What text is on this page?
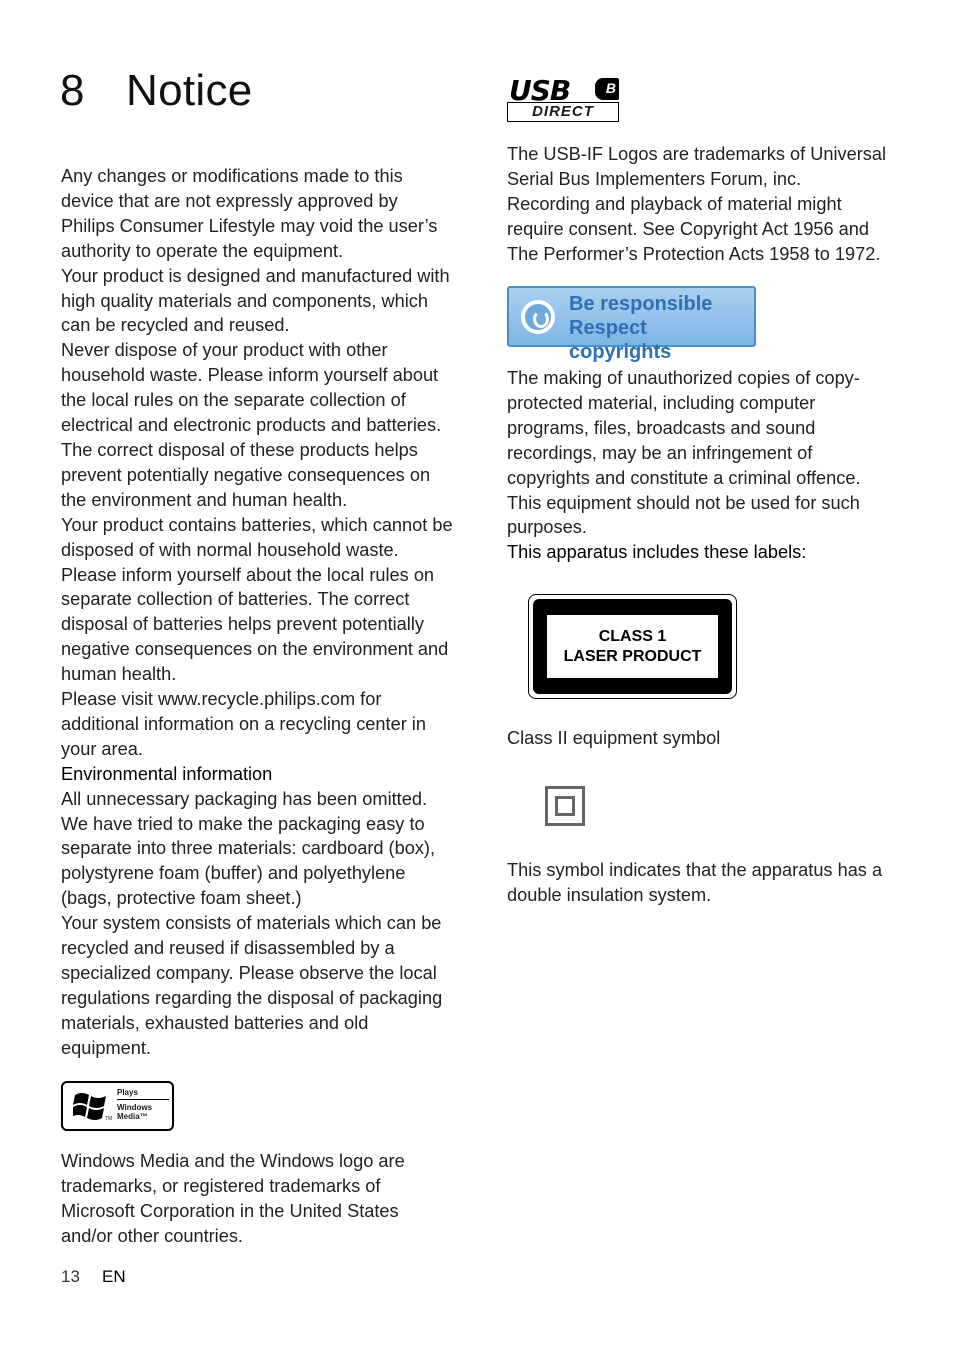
8 Notice

Any changes or modifications made to this device that are not expressly approved by Philips Consumer Lifestyle may void the user’s authority to operate the equipment.

Your product is designed and manufactured with high quality materials and components, which can be recycled and reused.

Never dispose of your product with other household waste. Please inform yourself about the local rules on the separate collection of electrical and electronic products and batteries. The correct disposal of these products helps prevent potentially negative consequences on the environment and human health.

Your product contains batteries, which cannot be disposed of with normal household waste. Please inform yourself about the local rules on separate collection of batteries. The correct disposal of batteries helps prevent potentially negative consequences on the environment and human health.

Please visit www.recycle.philips.com for additional information on a recycling center in your area.

Environmental information

All unnecessary packaging has been omitted. We have tried to make the packaging easy to separate into three materials: cardboard (box), polystyrene foam (buffer) and polyethylene (bags, protective foam sheet.)

Your system consists of materials which can be recycled and reused if disassembled by a specialized company. Please observe the local regulations regarding the disposal of packaging materials, exhausted batteries and old equipment.

TM
Plays
Windows
Media™

Windows Media and the Windows logo are trademarks, or registered trademarks of Microsoft Corporation in the United States and/or other countries.

USB	B
DIRECT

The USB-IF Logos are trademarks of Universal Serial Bus Implementers Forum, inc.

Recording and playback of material might require consent. See Copyright Act 1956 and The Performer’s Protection Acts 1958 to 1972.

Be responsible
Respect copyrights

The making of unauthorized copies of copy-protected material, including computer programs, files, broadcasts and sound recordings, may be an infringement of copyrights and constitute a criminal offence. This equipment should not be used for such purposes.

This apparatus includes these labels:

CLASS 1
LASER PRODUCT

Class II equipment symbol

This symbol indicates that the apparatus has a double insulation system.

13 EN
